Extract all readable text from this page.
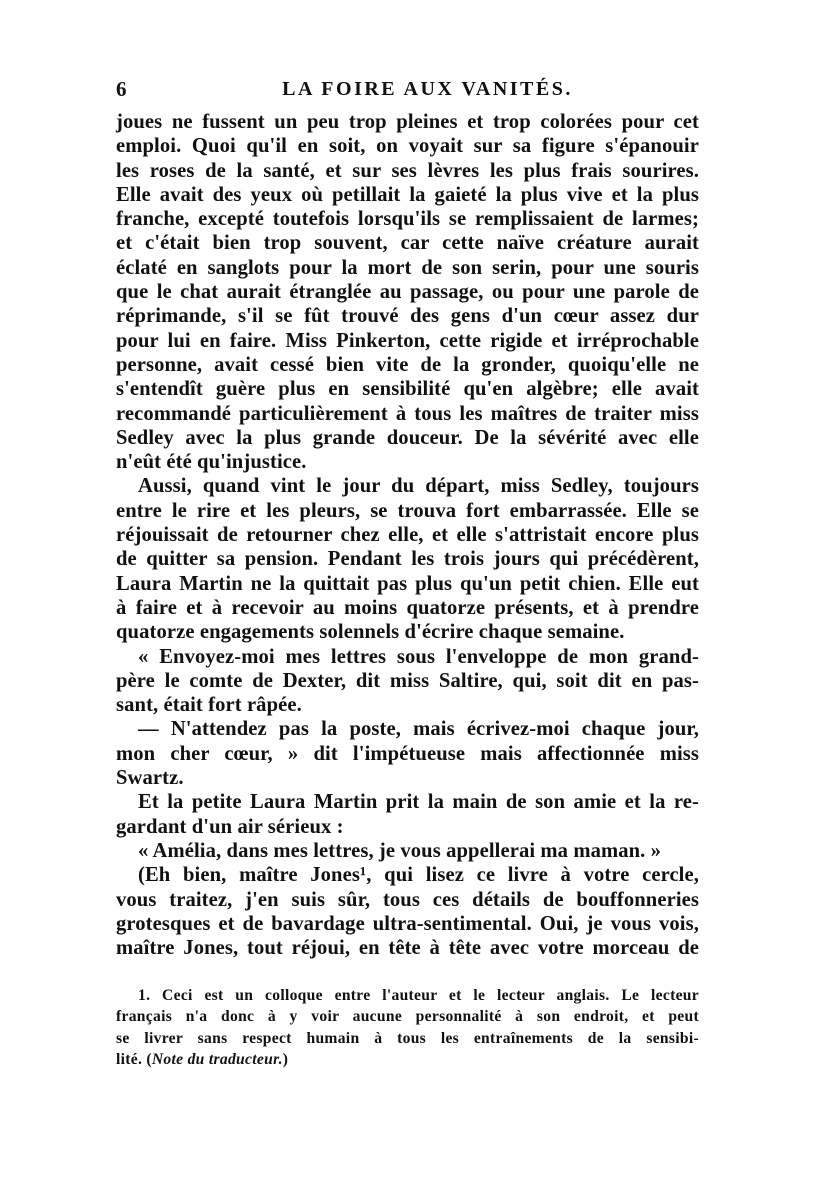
6	LA FOIRE AUX VANITÉS.
joues ne fussent un peu trop pleines et trop colorées pour cet
emploi. Quoi qu'il en soit, on voyait sur sa figure s'épanouir
les roses de la santé, et sur ses lèvres les plus frais sourires.
Elle avait des yeux où petillait la gaieté la plus vive et la plus
franche, excepté toutefois lorsqu'ils se remplissaient de larmes;
et c'était bien trop souvent, car cette naïve créature aurait
éclaté en sanglots pour la mort de son serin, pour une souris
que le chat aurait étranglée au passage, ou pour une parole de
réprimande, s'il se fût trouvé des gens d'un cœur assez dur
pour lui en faire. Miss Pinkerton, cette rigide et irréprochable
personne, avait cessé bien vite de la gronder, quoiqu'elle ne
s'entendît guère plus en sensibilité qu'en algèbre; elle avait
recommandé particulièrement à tous les maîtres de traiter miss
Sedley avec la plus grande douceur. De la sévérité avec elle
n'eût été qu'injustice.
Aussi, quand vint le jour du départ, miss Sedley, toujours
entre le rire et les pleurs, se trouva fort embarrassée. Elle se
réjouissait de retourner chez elle, et elle s'attristait encore plus
de quitter sa pension. Pendant les trois jours qui précédèrent,
Laura Martin ne la quittait pas plus qu'un petit chien. Elle eut
à faire et à recevoir au moins quatorze présents, et à prendre
quatorze engagements solennels d'écrire chaque semaine.
« Envoyez-moi mes lettres sous l'enveloppe de mon grand-
père le comte de Dexter, dit miss Saltire, qui, soit dit en pas-
sant, était fort râpée.
— N'attendez pas la poste, mais écrivez-moi chaque jour,
mon cher cœur, » dit l'impétueuse mais affectionnée miss
Swartz.
Et la petite Laura Martin prit la main de son amie et la re-
gardant d'un air sérieux :
« Amélia, dans mes lettres, je vous appellerai ma maman. »
(Eh bien, maître Jones¹, qui lisez ce livre à votre cercle,
vous traitez, j'en suis sûr, tous ces détails de bouffonneries
grotesques et de bavardage ultra-sentimental. Oui, je vous vois,
maître Jones, tout réjoui, en tête à tête avec votre morceau de
1. Ceci est un colloque entre l'auteur et le lecteur anglais. Le lecteur
français n'a donc à y voir aucune personnalité à son endroit, et peut
se livrer sans respect humain à tous les entraînements de la sensibi-
lité. (Note du traducteur.)
